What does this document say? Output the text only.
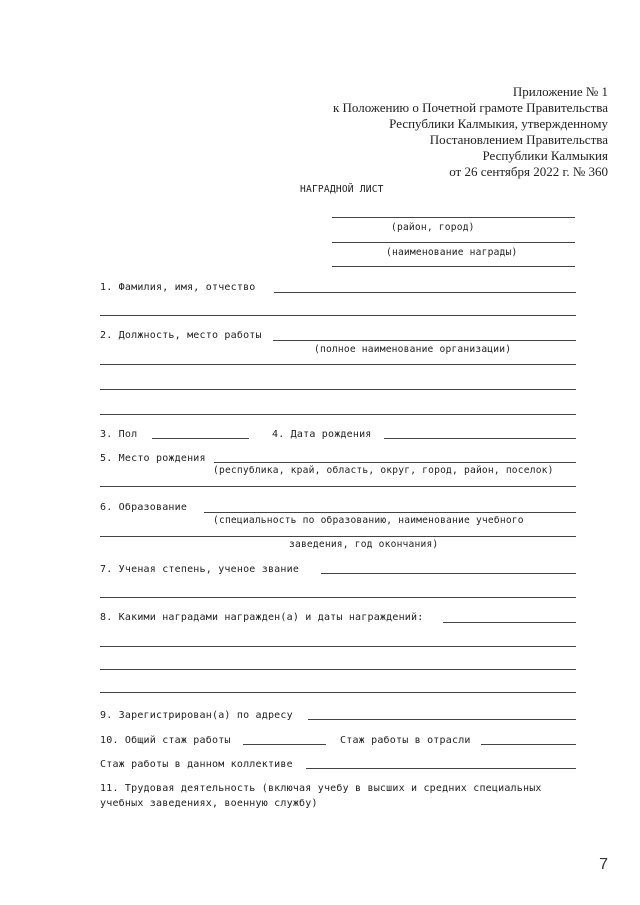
Приложение № 1
к Положению о Почетной грамоте Правительства
Республики Калмыкия, утвержденному
Постановлением Правительства
Республики Калмыкия
от 26 сентября 2022 г. № 360
НАГРАДНОЙ ЛИСТ
(район, город)
(наименование награды)
1. Фамилия, имя, отчество
2. Должность, место работы
(полное наименование организации)
3. Пол	4. Дата рождения
5. Место рождения
(республика, край, область, округ, город, район, поселок)
6. Образование
(специальность по образованию, наименование учебного
заведения, год окончания)
7. Ученая степень, ученое звание
8. Какими наградами награжден(а) и даты награждений:
9. Зарегистрирован(а) по адресу
10. Общий стаж работы	Стаж работы в отрасли
Стаж работы в данном коллективе
11. Трудовая деятельность (включая учебу в высших и средних специальных
учебных заведениях, военную службу)
7
